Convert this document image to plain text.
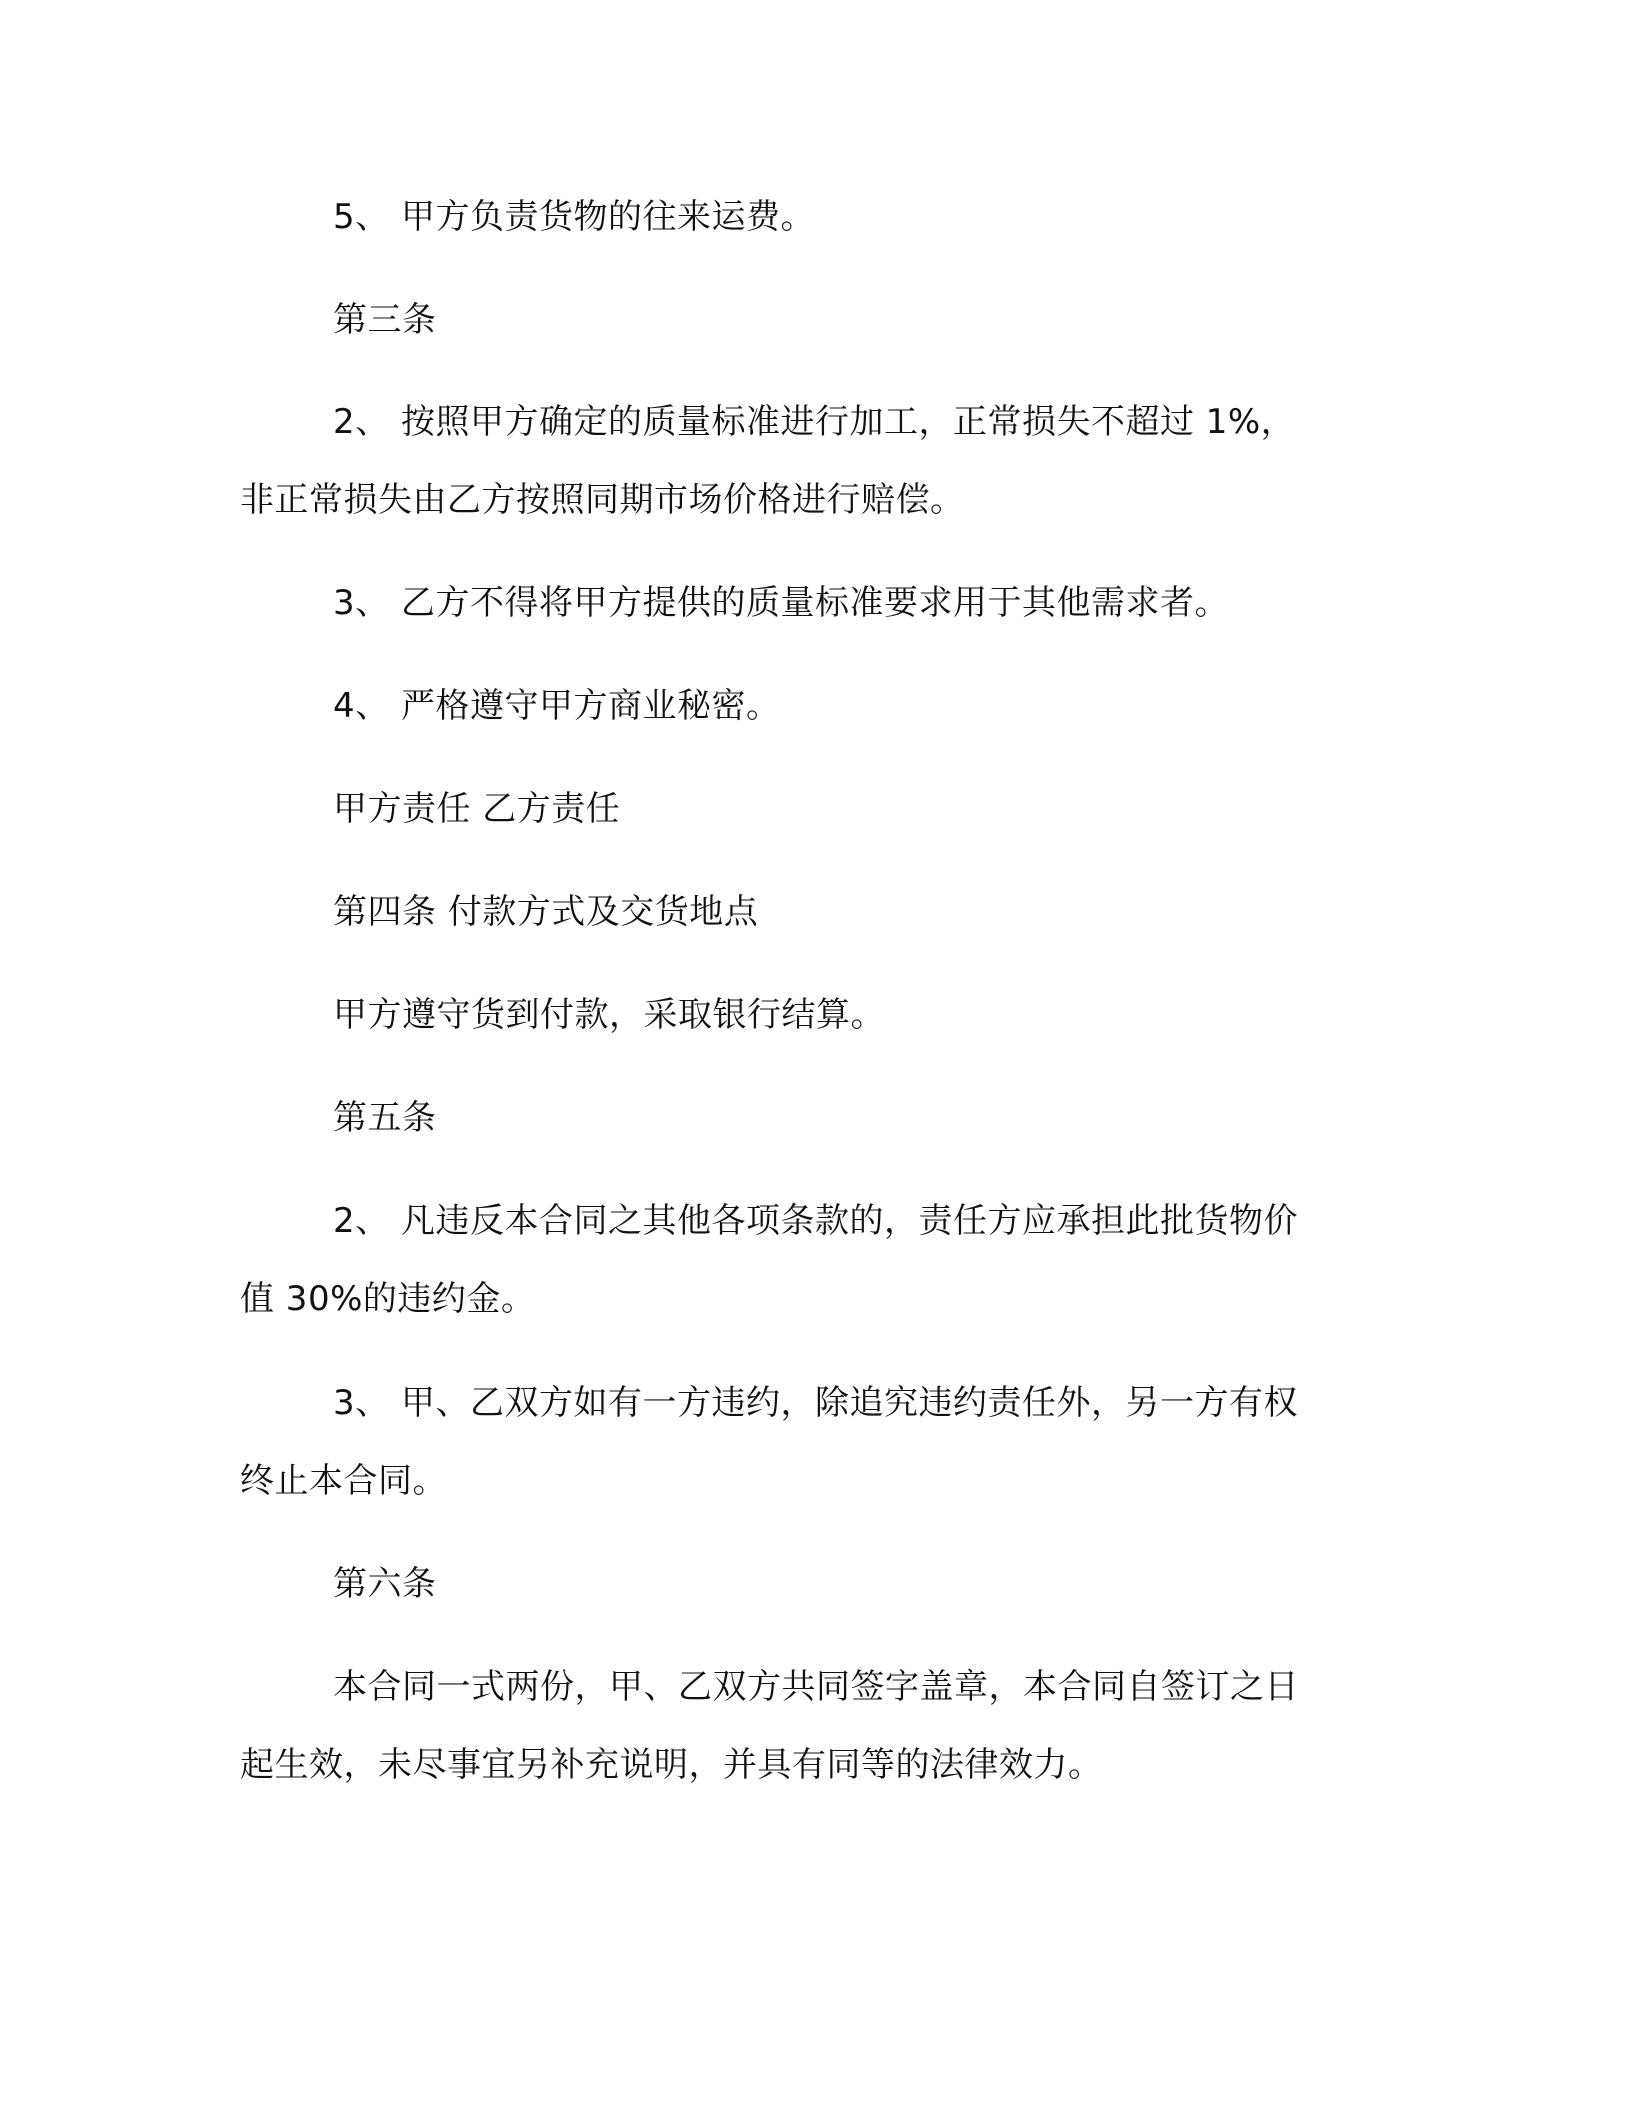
5、 甲方负责货物的往来运费。

第三条

2、 按照甲方确定的质量标准进行加工，正常损失不超过 1%，

非正常损失由乙方按照同期市场价格进行赔偿。

3、 乙方不得将甲方提供的质量标准要求用于其他需求者。

4、 严格遵守甲方商业秘密。

甲方责任 乙方责任

第四条 付款方式及交货地点

甲方遵守货到付款，采取银行结算。

第五条

2、 凡违反本合同之其他各项条款的，责任方应承担此批货物价

值 30%的违约金。

3、 甲、乙双方如有一方违约，除追究违约责任外，另一方有权

终止本合同。

第六条

本合同一式两份，甲、乙双方共同签字盖章，本合同自签订之日

起生效，未尽事宜另补充说明，并具有同等的法律效力。
